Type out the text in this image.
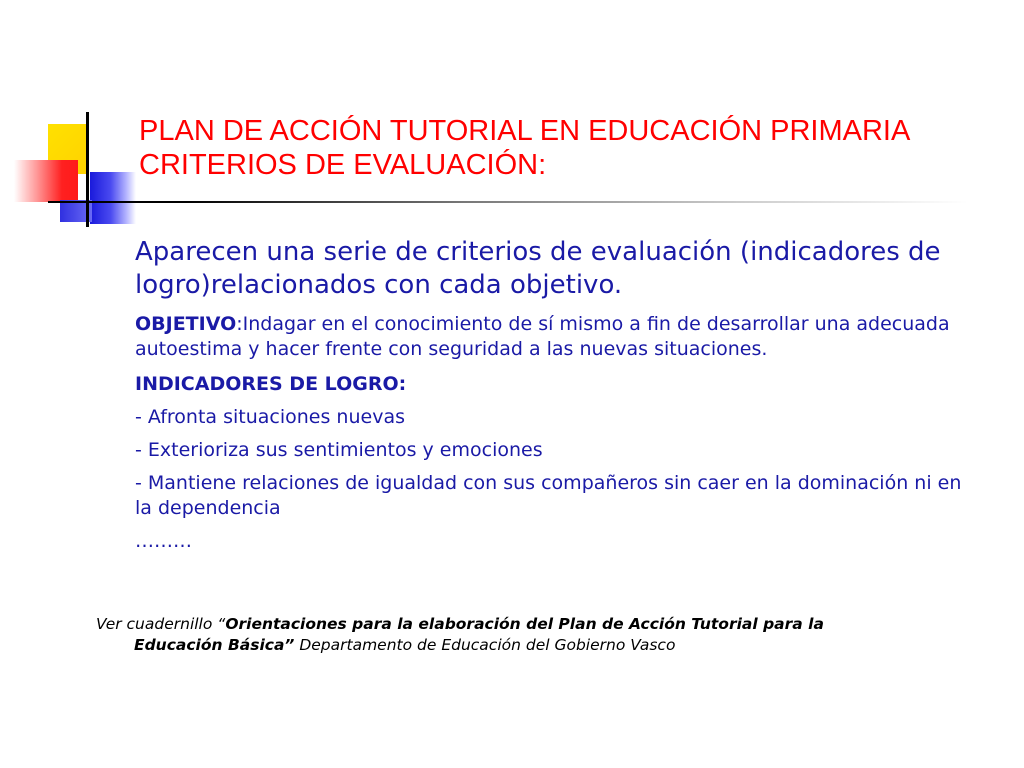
PLAN DE ACCIÓN TUTORIAL EN EDUCACIÓN PRIMARIA
CRITERIOS DE EVALUACIÓN:

Aparecen una serie de criterios de evaluación (indicadores de logro)relacionados con cada objetivo.

OBJETIVO:Indagar en el conocimiento de sí mismo a fin de desarrollar una adecuada autoestima y hacer frente con seguridad a las nuevas situaciones.

INDICADORES DE LOGRO:

- Afronta situaciones nuevas

- Exterioriza sus sentimientos y emociones

- Mantiene relaciones de igualdad con sus compañeros sin caer en la dominación ni en la dependencia

………

Ver cuadernillo “Orientaciones para la elaboración del Plan de Acción Tutorial para la
Educación Básica” Departamento de Educación del Gobierno Vasco
